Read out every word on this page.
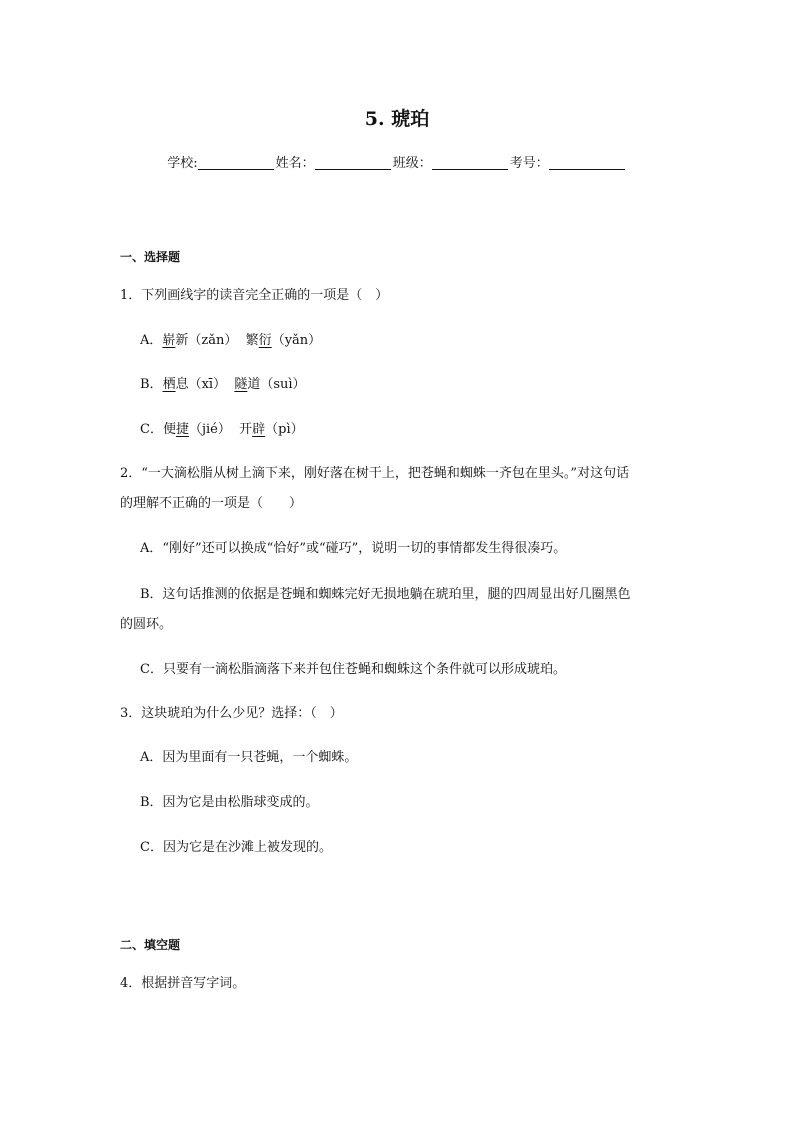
5. 琥珀
学校:	姓名：	班级：	考号：
一、选择题
1．下列画线字的读音完全正确的一项是（　）
A．崭新（zǎn） 繁衍（yǎn）
B．栖息（xī） 隧道（suì）
C．便捷（jié） 开辟（pì）
2．“一大滴松脂从树上滴下来，刚好落在树干上，把苍蝇和蜘蛛一齐包在里头。”对这句话
的理解不正确的一项是（　　）
A．“刚好”还可以换成“恰好”或“碰巧”，说明一切的事情都发生得很凑巧。
B．这句话推测的依据是苍蝇和蜘蛛完好无损地躺在琥珀里，腿的四周显出好几圈黑色
的圆环。
C．只要有一滴松脂滴落下来并包住苍蝇和蜘蛛这个条件就可以形成琥珀。
3．这块琥珀为什么少见？选择：（　）
A．因为里面有一只苍蝇，一个蜘蛛。
B．因为它是由松脂球变成的。
C．因为它是在沙滩上被发现的。
二、填空题
4．根据拼音写字词。
